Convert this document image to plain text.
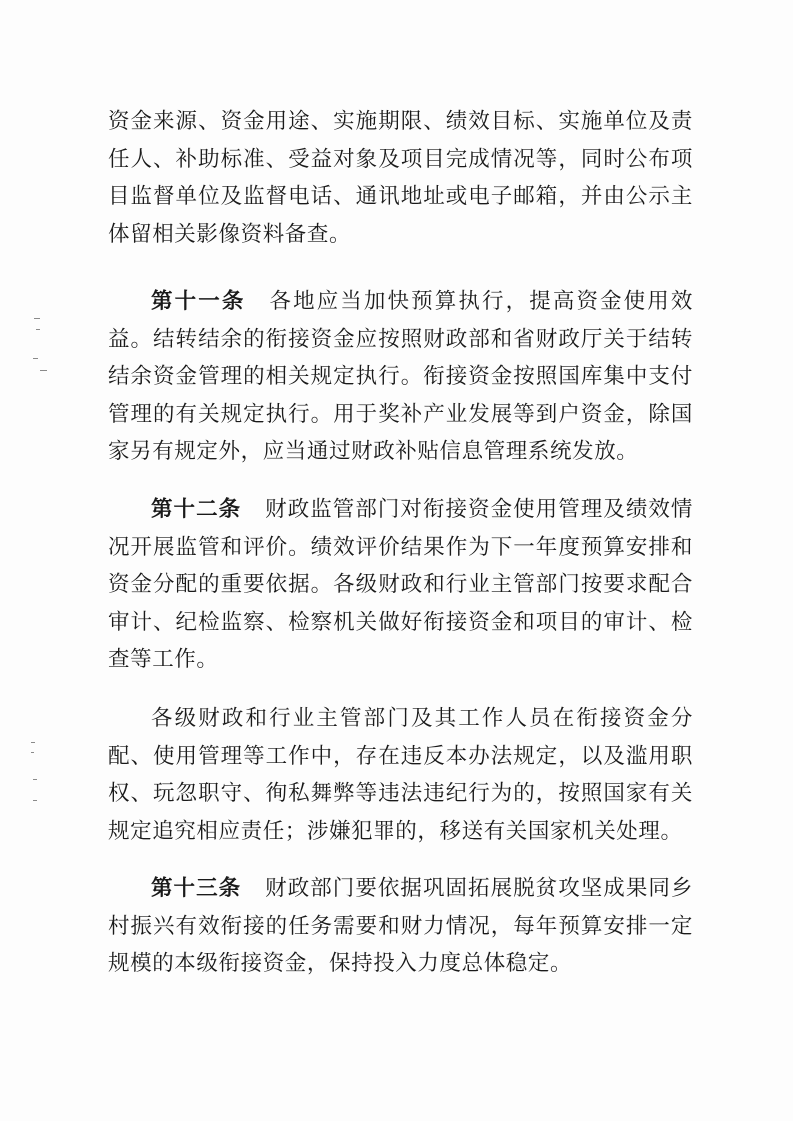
资金来源、资金用途、实施期限、绩效目标、实施单位及责任人、补助标准、受益对象及项目完成情况等，同时公布项目监督单位及监督电话、通讯地址或电子邮箱，并由公示主体留相关影像资料备查。

第十一条 各地应当加快预算执行，提高资金使用效益。结转结余的衔接资金应按照财政部和省财政厅关于结转结余资金管理的相关规定执行。衔接资金按照国库集中支付管理的有关规定执行。用于奖补产业发展等到户资金，除国家另有规定外，应当通过财政补贴信息管理系统发放。

第十二条 财政监管部门对衔接资金使用管理及绩效情况开展监管和评价。绩效评价结果作为下一年度预算安排和资金分配的重要依据。各级财政和行业主管部门按要求配合审计、纪检监察、检察机关做好衔接资金和项目的审计、检查等工作。

各级财政和行业主管部门及其工作人员在衔接资金分配、使用管理等工作中，存在违反本办法规定，以及滥用职权、玩忽职守、徇私舞弊等违法违纪行为的，按照国家有关规定追究相应责任；涉嫌犯罪的，移送有关国家机关处理。

第十三条 财政部门要依据巩固拓展脱贫攻坚成果同乡村振兴有效衔接的任务需要和财力情况，每年预算安排一定规模的本级衔接资金，保持投入力度总体稳定。
